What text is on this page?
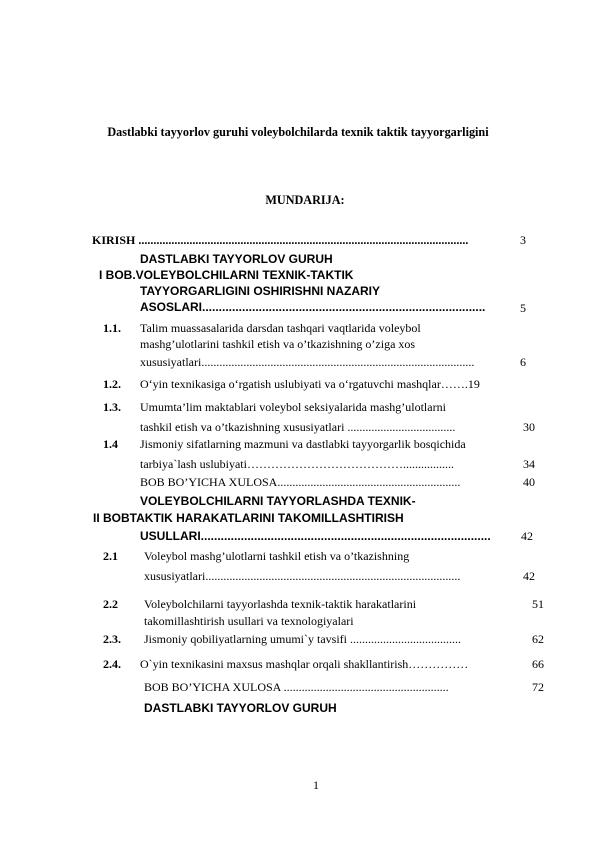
Dastlabki tayyorlov guruhi voleybolchilarda texnik taktik tayyorgarligini
MUNDARIJA:
KIRISH ..............................................................................................................	3
DASTLABKI TAYYORLOV GURUH
I BOB.VOLEYBOLCHILARNI TEXNIK-TAKTIK
TAYYORGARLIGINI OSHIRISHNI NAZARIY
ASOSLARI.....................................................................................	5
1.1. Talim muassasalarida darsdan tashqari vaqtlarida voleybol
mashg’ulotlarini tashkil etish va o’tkazishning o’ziga xos
xususiyatlari...........................................................................................	6
1.2. O‘yin texnikasiga o‘rgatish uslubiyati va o‘rgatuvchi mashqlar…….19
1.3. Umumta’lim maktablari voleybol seksiyalarida mashg’ulotlarni
tashkil etish va o’tkazishning xususiyatlari ....................................	30
1.4 Jismoniy sifatlarning mazmuni va dastlabki tayyorgarlik bosqichida
tarbiya`lash uslubiyati………………………………….................	34
BOB BO’YICHA XULOSA.............................................................	40
VOLEYBOLCHILARNI TAYYORLASHDA TEXNIK-
II BOBTAKTIK HARAKATLARINI TAKOMILLASHTIRISH
USULLARI.......................................................................................	42
2.1 Voleybol mashg’ulotlarni tashkil etish va o’tkazishning
xususiyatlari.....................................................................................	42
2.2 Voleybolchilarni tayyorlashda texnik-taktik harakatlarini
takomillashtirish usullari va texnologiyalari
51
2.3. Jismoniy qobiliyatlarning umumi`y tavsifi .....................................	62
2.4. O`yin texnikasini maxsus mashqlar orqali shakllantirish……………	66
BOB BO’YICHA XULOSA .......................................................	72
DASTLABKI TAYYORLOV GURUH
1
